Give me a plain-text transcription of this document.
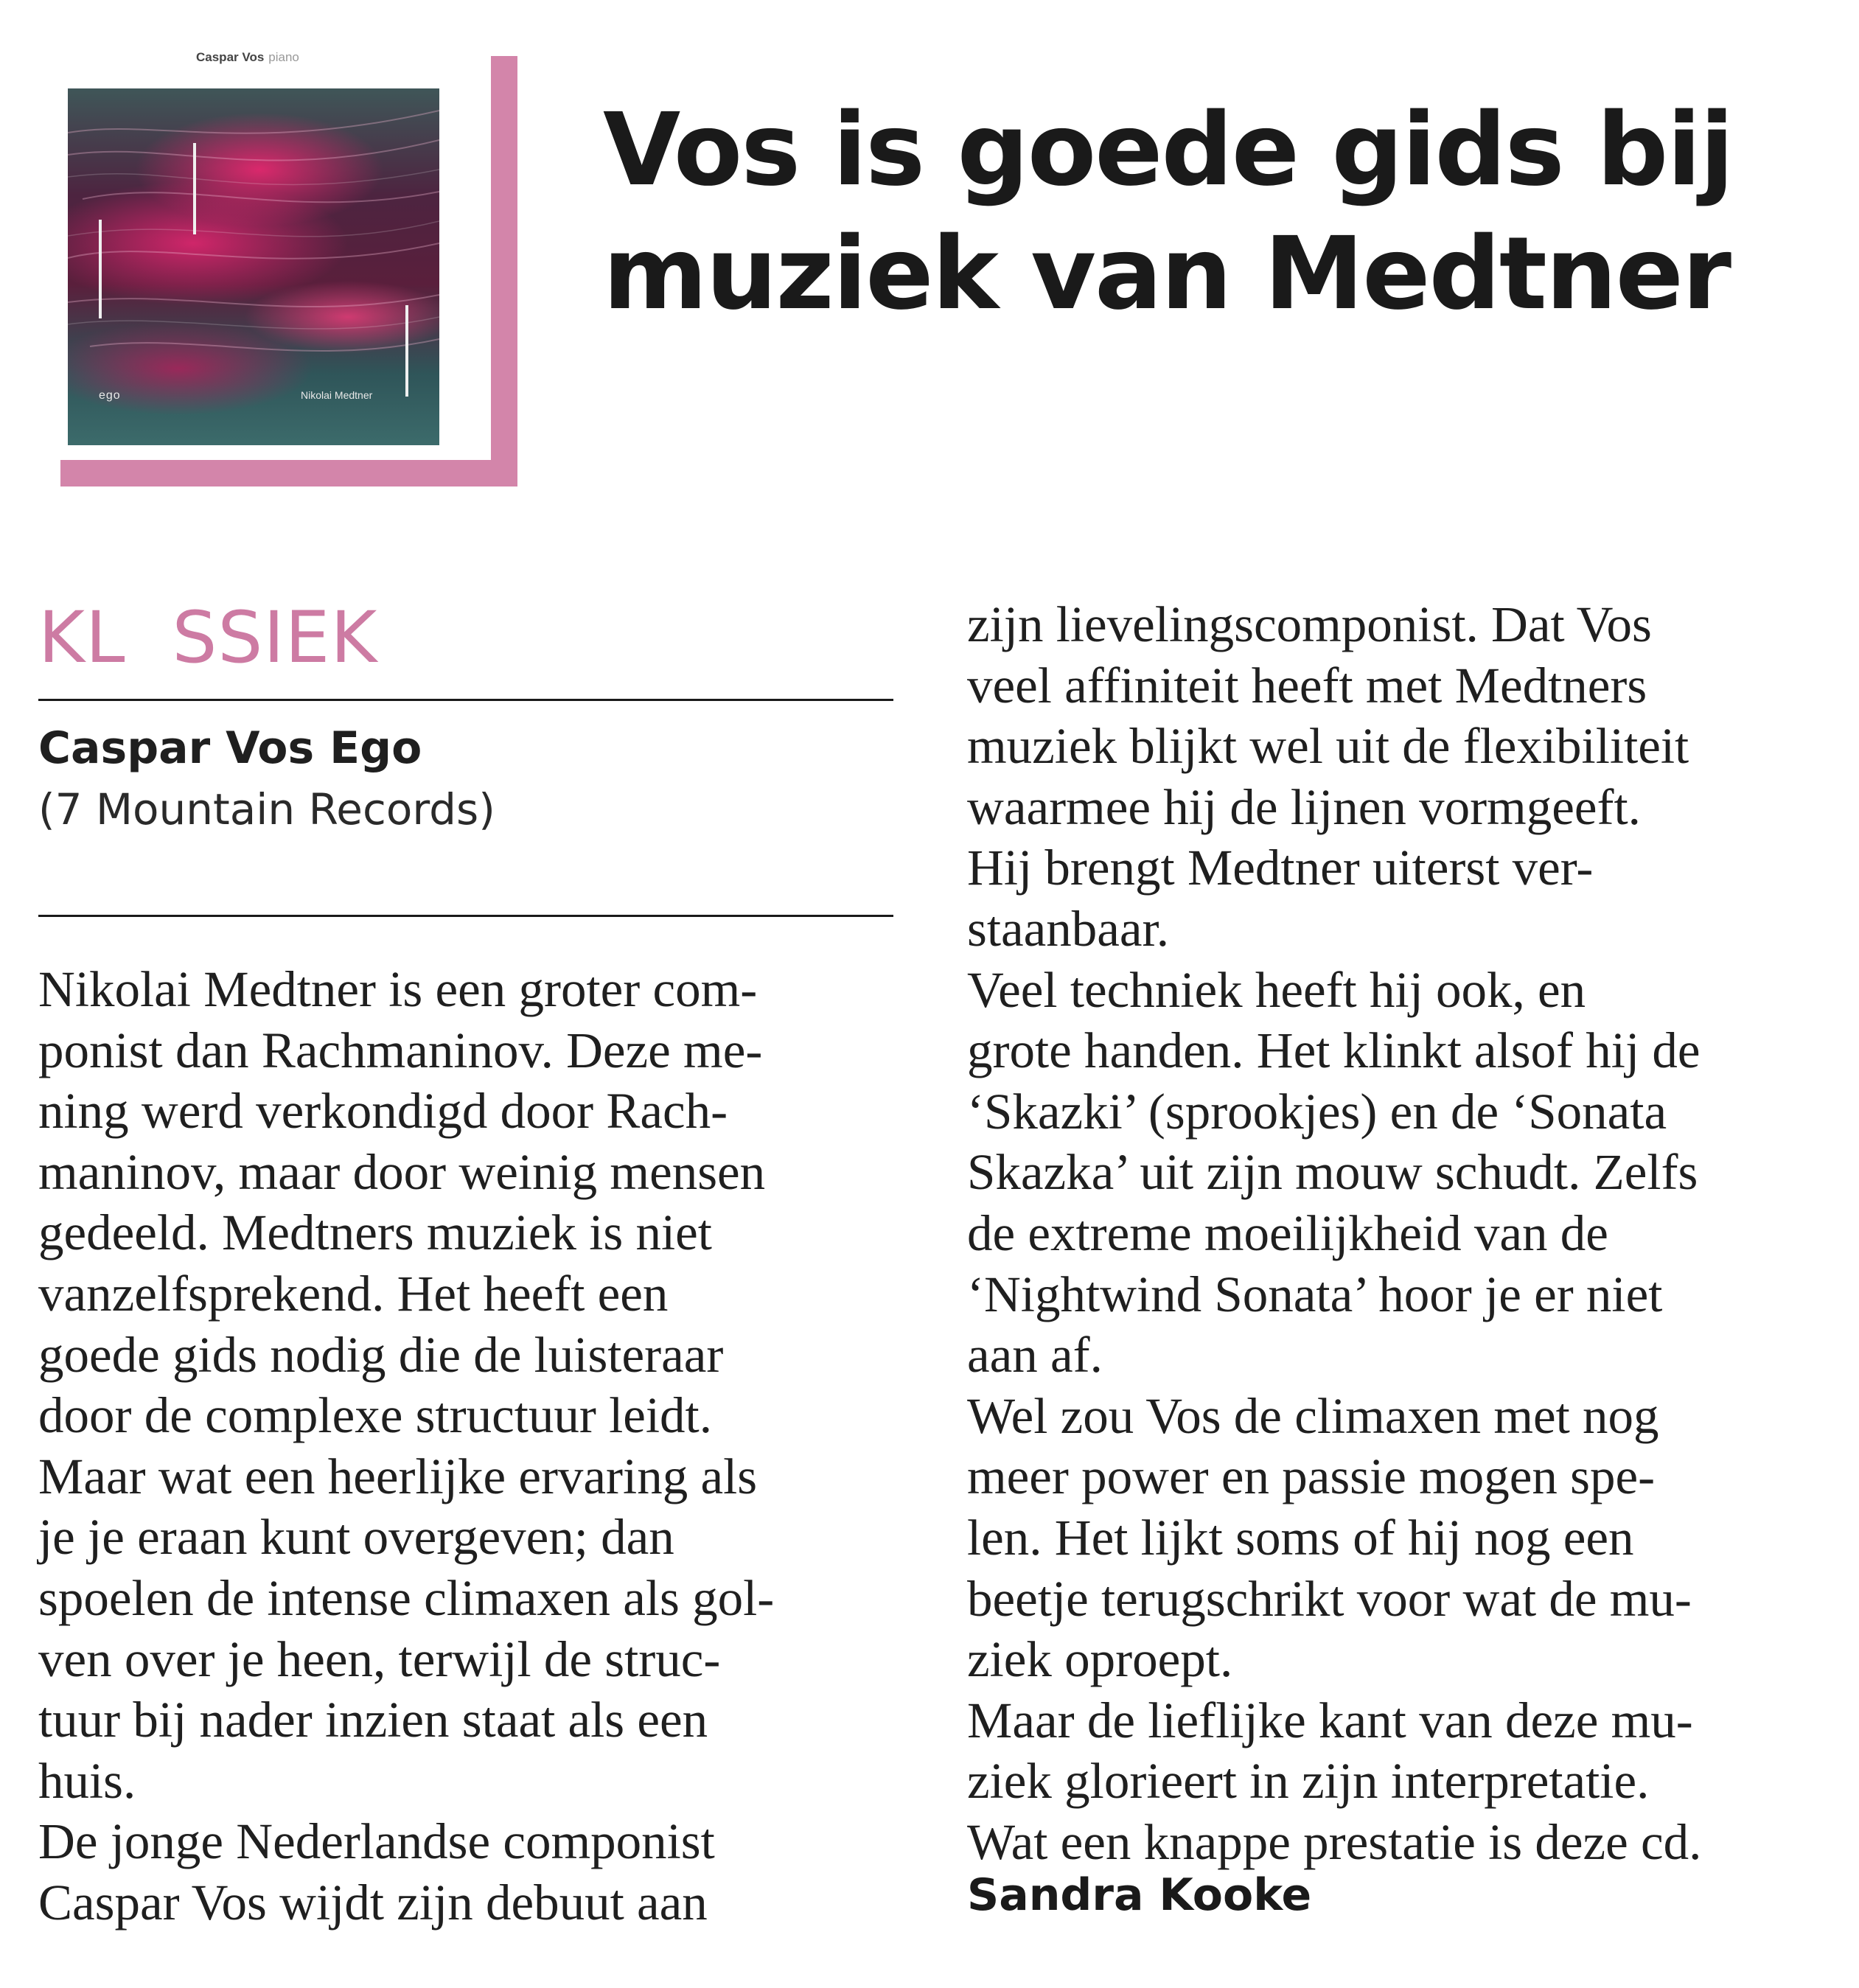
Caspar Vos piano
ego	Nikolai Medtner
Vos is goede gids bij
muziek van Medtner
KL  SSIEK
Caspar Vos Ego
(7 Mountain Records)
Nikolai Medtner is een groter com-
ponist dan Rachmaninov. Deze me-
ning werd verkondigd door Rach-
maninov, maar door weinig mensen
gedeeld. Medtners muziek is niet
vanzelfsprekend. Het heeft een
goede gids nodig die de luisteraar
door de complexe structuur leidt.
Maar wat een heerlijke ervaring als
je je eraan kunt overgeven; dan
spoelen de intense climaxen als gol-
ven over je heen, terwijl de struc-
tuur bij nader inzien staat als een
huis.
De jonge Nederlandse componist
Caspar Vos wijdt zijn debuut aan
zijn lievelingscomponist. Dat Vos
veel affiniteit heeft met Medtners
muziek blijkt wel uit de flexibiliteit
waarmee hij de lijnen vormgeeft.
Hij brengt Medtner uiterst ver-
staanbaar.
Veel techniek heeft hij ook, en
grote handen. Het klinkt alsof hij de
‘Skazki’ (sprookjes) en de ‘Sonata
Skazka’ uit zijn mouw schudt. Zelfs
de extreme moeilijkheid van de
‘Nightwind Sonata’ hoor je er niet
aan af.
Wel zou Vos de climaxen met nog
meer power en passie mogen spe-
len. Het lijkt soms of hij nog een
beetje terugschrikt voor wat de mu-
ziek oproept.
Maar de lieflijke kant van deze mu-
ziek glorieert in zijn interpretatie.
Wat een knappe prestatie is deze cd.
Sandra Kooke
